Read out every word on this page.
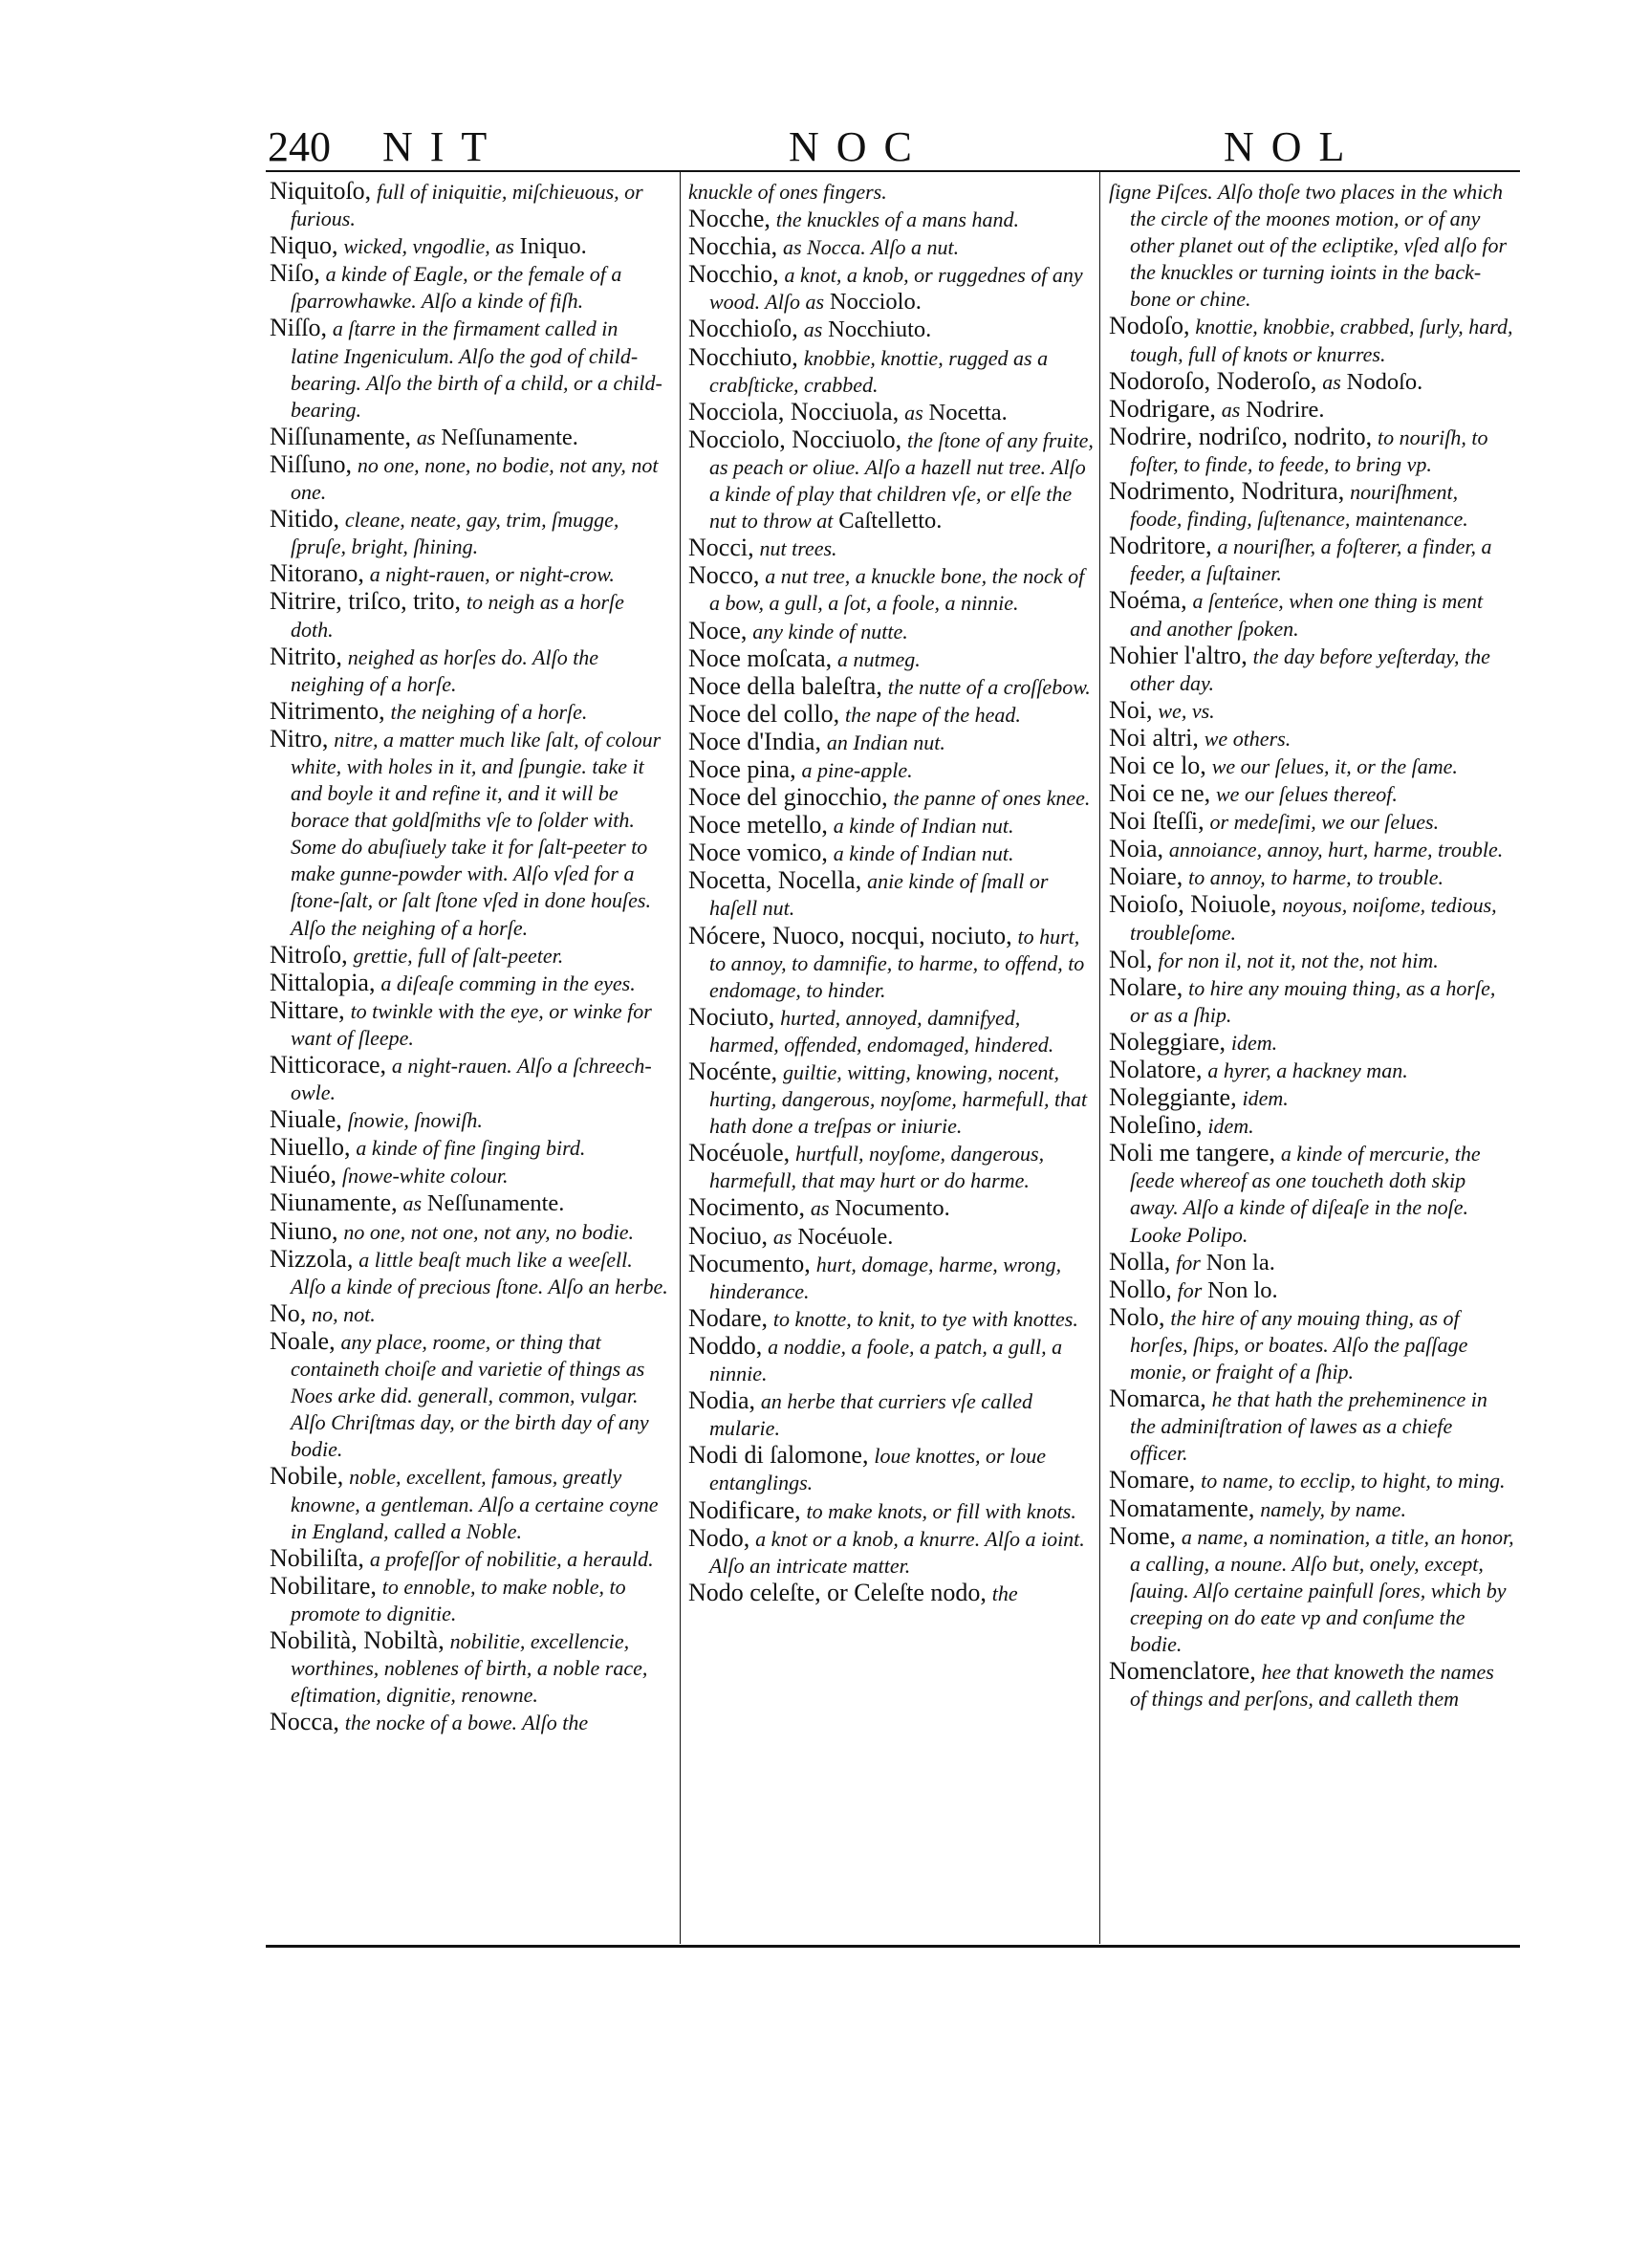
240 NIT	NOC	NOL
Niquitoſo, full of iniquitie, miſchieuous, or furious.
Niquo, wicked, vngodlie, as Iniquo.
Niſo, a kinde of Eagle, or the female of a ſparrowhawke. Alſo a kinde of fiſh.
Niſſo, a ſtarre in the firmament called in latine Ingeniculum. Alſo the god of child-bearing. Alſo the birth of a child, or a child-bearing.
Niſſunamente, as Neſſunamente.
Niſſuno, no one, none, no bodie, not any, not one.
Nitido, cleane, neate, gay, trim, ſmugge, ſpruſe, bright, ſhining.
Nitorano, a night-rauen, or night-crow.
Nitrire, triſco, trito, to neigh as a horſe doth.
Nitrito, neighed as horſes do. Alſo the neighing of a horſe.
Nitrimento, the neighing of a horſe.
Nitro, nitre, a matter much like ſalt, of colour white, with holes in it, and ſpungie. take it and boyle it and refine it, and it will be borace that goldſmiths vſe to ſolder with. Some do abuſiuely take it for ſalt-peeter to make gunne-powder with. Alſo vſed for a ſtone-ſalt, or ſalt ſtone vſed in done houſes. Alſo the neighing of a horſe.
Nitroſo, grettie, full of ſalt-peeter.
Nittalopia, a diſeaſe comming in the eyes.
Nittare, to twinkle with the eye, or winke for want of ſleepe.
Nitticorace, a night-rauen. Alſo a ſchreech-owle.
Niuale, ſnowie, ſnowiſh.
Niuello, a kinde of fine ſinging bird.
Niuéo, ſnowe-white colour.
Niunamente, as Neſſunamente.
Niuno, no one, not one, not any, no bodie.
Nizzola, a little beaſt much like a weeſell. Alſo a kinde of precious ſtone. Alſo an herbe.
No, no, not.
Noale, any place, roome, or thing that containeth choiſe and varietie of things as Noes arke did. generall, common, vulgar. Alſo Chriſtmas day, or the birth day of any bodie.
Nobile, noble, excellent, famous, greatly knowne, a gentleman. Alſo a certaine coyne in England, called a Noble.
Nobiliſta, a profeſſor of nobilitie, a herauld.
Nobilitare, to ennoble, to make noble, to promote to dignitie.
Nobilità, Nobiltà, nobilitie, excellencie, worthines, noblenes of birth, a noble race, eſtimation, dignitie, renowne.
Nocca, the nocke of a bowe. Alſo the
knuckle of ones fingers.
Nocche, the knuckles of a mans hand.
Nocchia, as Nocca. Alſo a nut.
Nocchio, a knot, a knob, or ruggednes of any wood. Alſo as Nocciolo.
Nocchioſo, as Nocchiuto.
Nocchiuto, knobbie, knottie, rugged as a crabſticke, crabbed.
Nocciola, Nocciuola, as Nocetta.
Nocciolo, Nocciuolo, the ſtone of any fruite, as peach or oliue. Alſo a hazell nut tree. Alſo a kinde of play that children vſe, or elſe the nut to throw at Caſtelletto.
Nocci, nut trees.
Nocco, a nut tree, a knuckle bone, the nock of a bow, a gull, a ſot, a foole, a ninnie.
Noce, any kinde of nutte.
Noce moſcata, a nutmeg.
Noce della baleſtra, the nutte of a croſſebow.
Noce del collo, the nape of the head.
Noce d'India, an Indian nut.
Noce pina, a pine-apple.
Noce del ginocchio, the panne of ones knee.
Noce metello, a kinde of Indian nut.
Noce vomico, a kinde of Indian nut.
Nocetta, Nocella, anie kinde of ſmall or haſell nut.
Nócere, Nuoco, nocqui, nociuto, to hurt, to annoy, to damnifie, to harme, to offend, to endomage, to hinder.
Nociuto, hurted, annoyed, damnifyed, harmed, offended, endomaged, hindered.
Nocénte, guiltie, witting, knowing, nocent, hurting, dangerous, noyſome, harmefull, that hath done a treſpas or iniurie.
Nocéuole, hurtfull, noyſome, dangerous, harmefull, that may hurt or do harme.
Nocimento, as Nocumento.
Nociuo, as Nocéuole.
Nocumento, hurt, domage, harme, wrong, hinderance.
Nodare, to knotte, to knit, to tye with knottes.
Noddo, a noddie, a foole, a patch, a gull, a ninnie.
Nodia, an herbe that curriers vſe called mularie.
Nodi di ſalomone, loue knottes, or loue entanglings.
Nodificare, to make knots, or fill with knots.
Nodo, a knot or a knob, a knurre. Alſo a ioint. Alſo an intricate matter.
Nodo celeſte, or Celeſte nodo, the
ſigne Piſces. Alſo thoſe two places in the which the circle of the moones motion, or of any other planet out of the ecliptike, vſed alſo for the knuckles or turning ioints in the back-bone or chine.
Nodoſo, knottie, knobbie, crabbed, ſurly, hard, tough, full of knots or knurres.
Nodoroſo, Noderoſo, as Nodoſo.
Nodrigare, as Nodrire.
Nodrire, nodriſco, nodrito, to nouriſh, to foſter, to finde, to feede, to bring vp.
Nodrimento, Nodritura, nouriſhment, foode, finding, ſuſtenance, maintenance.
Nodritore, a nouriſher, a foſterer, a finder, a feeder, a ſuſtainer.
Noéma, a ſenteńce, when one thing is ment and another ſpoken.
Nohier l'altro, the day before yeſterday, the other day.
Noi, we, vs.
Noi altri, we others.
Noi ce lo, we our ſelues, it, or the ſame.
Noi ce ne, we our ſelues thereof.
Noi ſteſſi, or medeſimi, we our ſelues.
Noia, annoiance, annoy, hurt, harme, trouble.
Noiare, to annoy, to harme, to trouble.
Noioſo, Noiuole, noyous, noiſome, tedious, troubleſome.
Nol, for non il, not it, not the, not him.
Nolare, to hire any mouing thing, as a horſe, or as a ſhip.
Noleggiare, idem.
Nolatore, a hyrer, a hackney man.
Noleggiante, idem.
Noleſino, idem.
Noli me tangere, a kinde of mercurie, the ſeede whereof as one toucheth doth skip away. Alſo a kinde of diſeaſe in the noſe. Looke Polipo.
Nolla, for Non la.
Nollo, for Non lo.
Nolo, the hire of any mouing thing, as of horſes, ſhips, or boates. Alſo the paſſage monie, or fraight of a ſhip.
Nomarca, he that hath the preheminence in the adminiſtration of lawes as a chiefe officer.
Nomare, to name, to ecclip, to hight, to ming.
Nomatamente, namely, by name.
Nome, a name, a nomination, a title, an honor, a calling, a noune. Alſo but, onely, except, ſauing. Alſo certaine painfull ſores, which by creeping on do eate vp and conſume the bodie.
Nomenclatore, hee that knoweth the names of things and perſons, and calleth them
